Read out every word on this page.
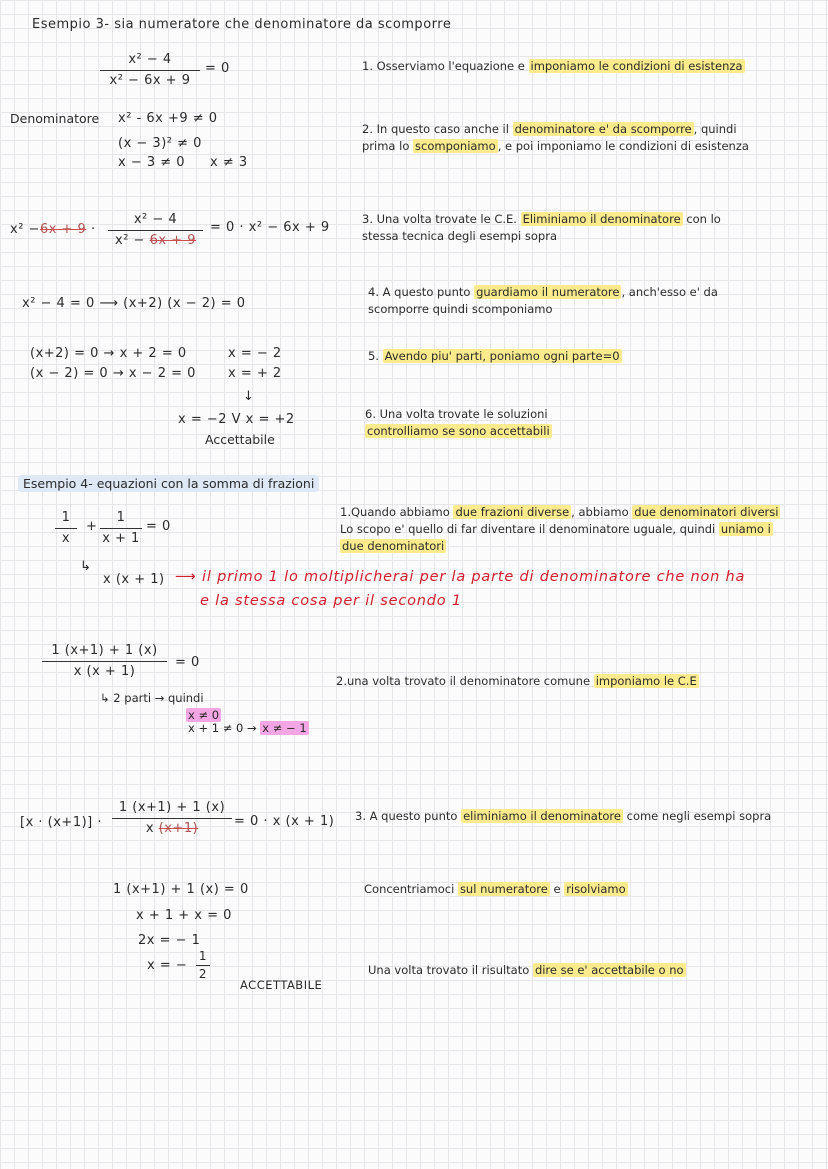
Esempio 3- sia numeratore che denominatore da scomporre
x² − 4
x² − 6x + 9
= 0
Denominatore x² - 6x +9 ≠ 0
(x − 3)² ≠ 0
x − 3 ≠ 0 x ≠ 3
x² −6x + 9 ·
x² − 4
x² − 6x + 9
= 0 · x² − 6x + 9
x² − 4 = 0 ⟶ (x+2) (x − 2) = 0
(x+2) = 0 → x + 2 = 0	x = − 2
(x − 2) = 0 → x − 2 = 0 x = + 2
↓
x = −2 V x = +2
Accettabile
1. Osserviamo l'equazione e imponiamo le condizioni di esistenza
2. In questo caso anche il denominatore e' da scomporre , quindi
prima lo scomponiamo , e poi imponiamo le condizioni di esistenza
3. Una volta trovate le C.E. Eliminiamo il denominatore con lo
stessa tecnica degli esempi sopra
4. A questo punto guardiamo il numeratore , anch'esso e' da
scomporre quindi scomponiamo
5. Avendo piu' parti, poniamo ogni parte=0
6. Una volta trovate le soluzioni
controlliamo se sono accettabili
Esempio 4- equazioni con la somma di frazioni
1
x
+
1
x + 1
= 0
↳
x (x + 1) ⟶ il primo 1 lo moltiplicherai per la parte di denominatore che non ha
e la stessa cosa per il secondo 1
1 (x+1) + 1 (x)
x (x + 1)
= 0
↳ 2 parti → quindi
x ≠ 0
x + 1 ≠ 0 → x ≠ − 1
[x · (x+1)] ·
1 (x+1) + 1 (x)
x (x+1)	= 0 · x (x + 1)
1 (x+1) + 1 (x) = 0
x + 1 + x = 0
2x = − 1
x = −
1
2
ACCETTABILE
1.Quando abbiamo due frazioni diverse , abbiamo due denominatori diversi
Lo scopo e' quello di far diventare il denominatore uguale, quindi uniamo i
due denominatori
2.una volta trovato il denominatore comune imponiamo le C.E
3. A questo punto eliminiamo il denominatore come negli esempi sopra
Concentriamoci sul numeratore e risolviamo
Una volta trovato il risultato dire se e' accettabile o no
